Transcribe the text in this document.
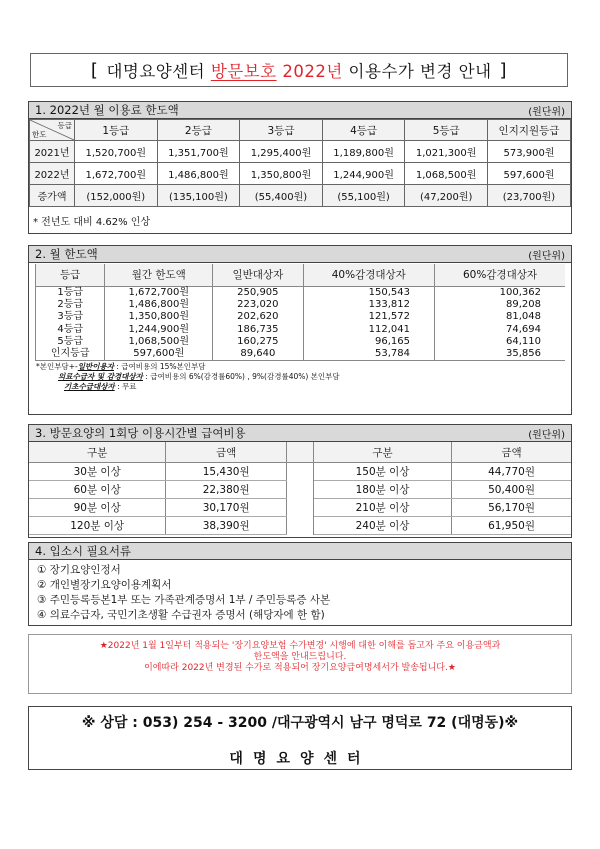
[ 대명요양센터
방문보호
2022년
이용수가 변경 안내 ]
1. 2022년 월 이용료 한도액	(원단위)
등급
한도	1등급	2등급	3등급	4등급	5등급	인지지원등급
2021년	1,520,700원	1,351,700원	1,295,400원	1,189,800원	1,021,300원	573,900원
2022년	1,672,700원	1,486,800원	1,350,800원	1,244,900원	1,068,500원	597,600원
증가액	(152,000원)	(135,100원)	(55,400원)	(55,100원)	(47,200원)	(23,700원)
* 전년도 대비 4.62% 인상
2. 월 한도액	(원단위)
등급	월간 한도액	일반대상자	40%감경대상자	60%감경대상자
1등급	1,672,700원	250,905	150,543	100,362
2등급	1,486,800원	223,020	133,812	89,208
3등급	1,350,800원	202,620	121,572	81,048
4등급	1,244,900원	186,735	112,041	74,694
5등급	1,068,500원	160,275	96,165	64,110
인지등급	597,600원	89,640	53,784	35,856
*본인부담+-일반이용자 : 급여비용의 15%본인부담
의료수급자 및 감경대상자 : 급여비용의 6%(감경률60%) , 9%(감경률40%) 본인부담
기초수급대상자 : 무료
3. 방문요양의 1회당 이용시간별 급여비용	(원단위)
구분	금액		구분	금액
30분 이상	15,430원		150분 이상	44,770원
60분 이상	22,380원		180분 이상	50,400원
90분 이상	30,170원		210분 이상	56,170원
120분 이상	38,390원		240분 이상	61,950원
4. 입소시 필요서류
① 장기요양인정서
② 개인별장기요양이용계획서
③ 주민등록등본1부 또는 가족관계증명서 1부 / 주민등록증 사본
④ 의료수급자, 국민기초생활 수급권자 증명서 (해당자에 한 함)
★2022년 1월 1일부터 적용되는 '장기요양보험 수가변경' 시행에 대한 이해를 돕고자 주요 이용금액과
한도액을 안내드립니다.
이에따라 2022년 변경된 수가로 적용되어 장기요양급여명세서가 발송됩니다.★
※ 상담 : 053) 254 - 3200 /대구광역시 남구 명덕로 72 (대명동)※
대명요양센터
